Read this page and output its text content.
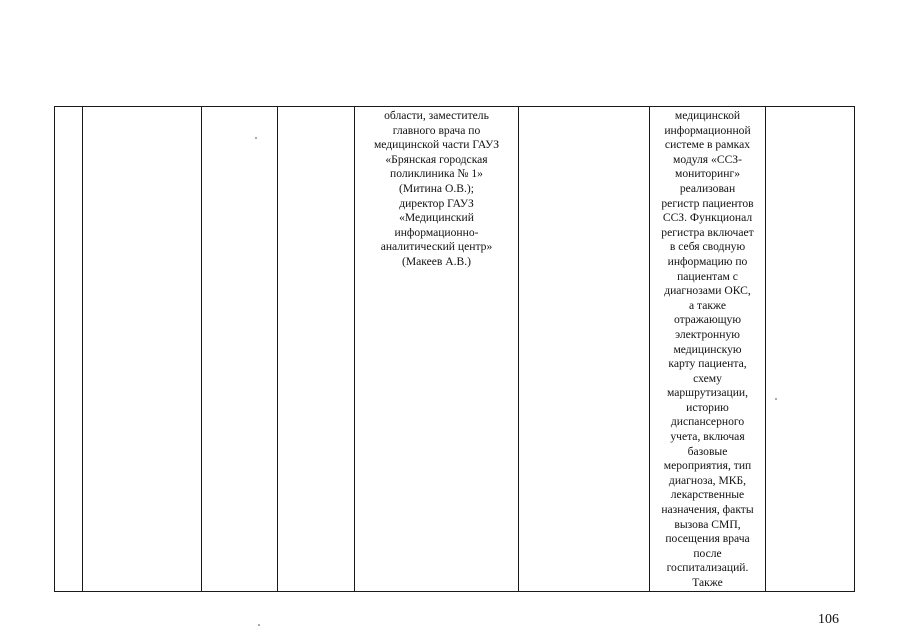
области, заместитель
главного врача по
медицинской части ГАУЗ
«Брянская городская
поликлиника № 1»
(Митина О.В.);
директор ГАУЗ
«Медицинский
информационно-
аналитический центр»
(Макеев А.В.)

медицинской
информационной
системе в рамках
модуля «ССЗ-
мониторинг»
реализован
регистр пациентов
ССЗ. Функционал
регистра включает
в себя сводную
информацию по
пациентам с
диагнозами ОКС,
а также
отражающую
электронную
медицинскую
карту пациента,
схему
маршрутизации,
историю
диспансерного
учета, включая
базовые
мероприятия, тип
диагноза, МКБ,
лекарственные
назначения, факты
вызова СМП,
посещения врача
после
госпитализаций.
Также

106
